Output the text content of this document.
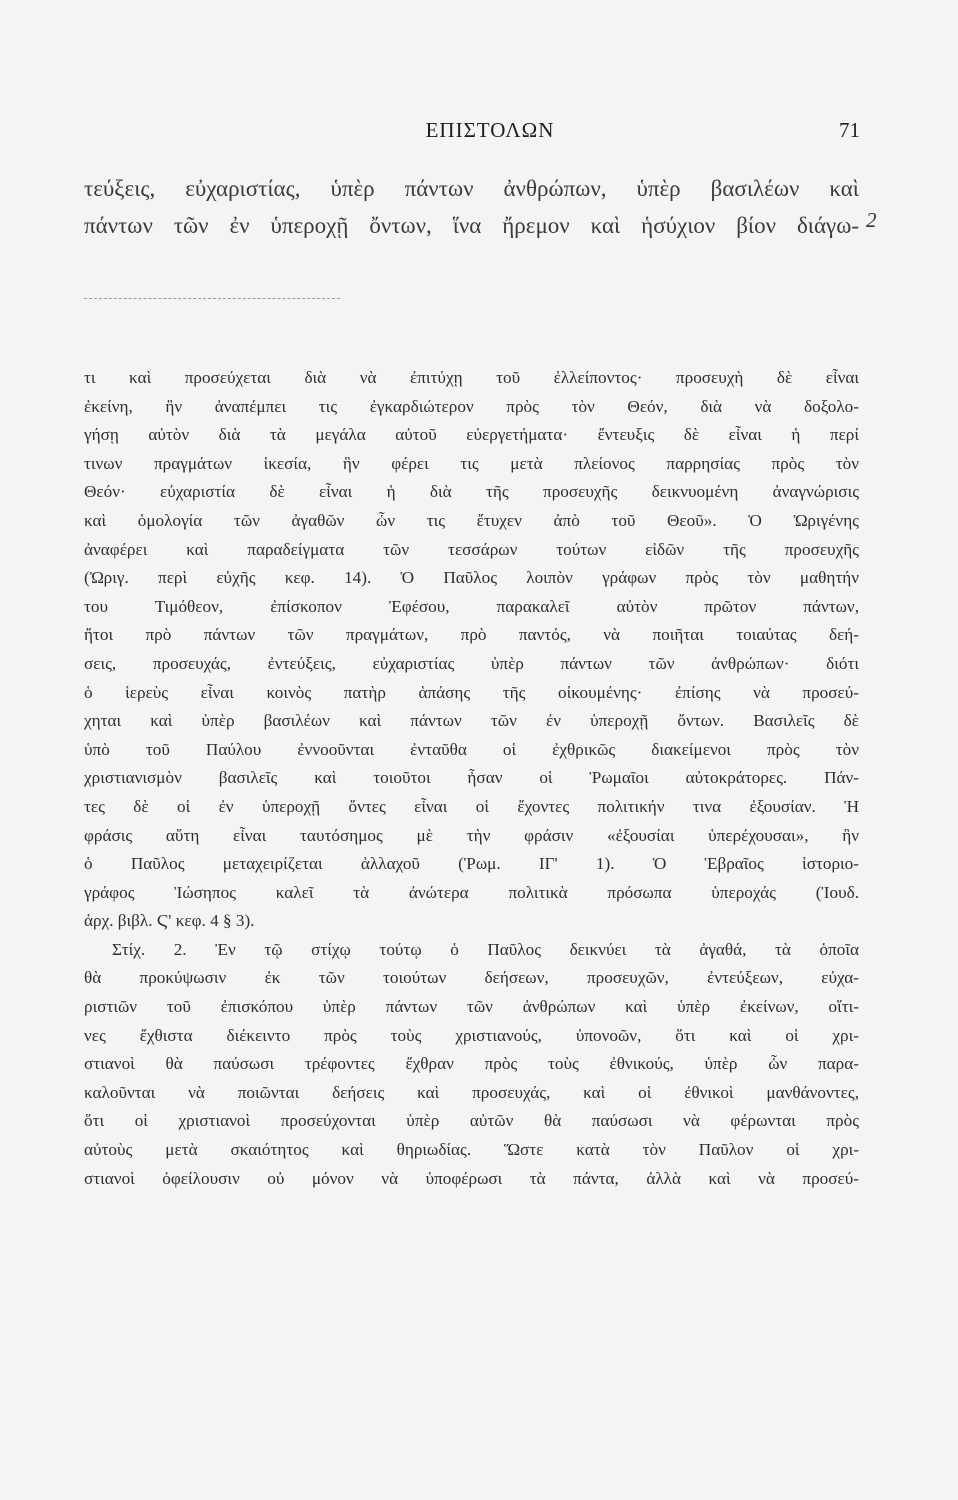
ΕΠΙΣΤΟΛΩΝ	71
τεύξεις, εὐχαριστίας, ὑπὲρ πάντων ἀνθρώπων, ὑπὲρ βασιλέων καὶ
πάντων τῶν ἐν ὑπεροχῇ ὄντων, ἵνα ἤρεμον καὶ ἡσύχιον βίον διάγω- 2
τι καὶ προσεύχεται διὰ νὰ ἐπιτύχῃ τοῦ ἐλλείποντος· προσευχὴ δὲ εἶναι
ἐκείνη, ἣν ἀναπέμπει τις ἐγκαρδιώτερον πρὸς τὸν Θεόν, διὰ νὰ δοξολο-
γήσῃ αὐτὸν διὰ τὰ μεγάλα αὐτοῦ εὐεργετήματα· ἔντευξις δὲ εἶναι ἡ περί
τινων πραγμάτων ἱκεσία, ἣν φέρει τις μετὰ πλείονος παρρησίας πρὸς τὸν
Θεόν· εὐχαριστία δὲ εἶναι ἡ διὰ τῆς προσευχῆς δεικνυομένη ἀναγνώρισις
καὶ ὁμολογία τῶν ἀγαθῶν ὧν τις ἔτυχεν ἀπὸ τοῦ Θεοῦ». Ὁ Ὠριγένης
ἀναφέρει καὶ παραδείγματα τῶν τεσσάρων τούτων εἰδῶν τῆς προσευχῆς
(Ὠριγ. περὶ εὐχῆς κεφ. 14). Ὁ Παῦλος λοιπὸν γράφων πρὸς τὸν μαθητήν
του Τιμόθεον, ἐπίσκοπον Ἐφέσου, παρακαλεῖ αὐτὸν πρῶτον πάντων,
ἤτοι πρὸ πάντων τῶν πραγμάτων, πρὸ παντός, νὰ ποιῆται τοιαύτας δεή-
σεις, προσευχάς, ἐντεύξεις, εὐχαριστίας ὑπὲρ πάντων τῶν ἀνθρώπων· διότι
ὁ ἱερεὺς εἶναι κοινὸς πατὴρ ἁπάσης τῆς οἰκουμένης· ἐπίσης νὰ προσεύ-
χηται καὶ ὑπὲρ βασιλέων καὶ πάντων τῶν ἐν ὑπεροχῇ ὄντων. Βασιλεῖς δὲ
ὑπὸ τοῦ Παύλου ἐννοοῦνται ἐνταῦθα οἱ ἐχθρικῶς διακείμενοι πρὸς τὸν
χριστιανισμὸν βασιλεῖς καὶ τοιοῦτοι ἦσαν οἱ Ῥωμαῖοι αὐτοκράτορες. Πάν-
τες δὲ οἱ ἐν ὑπεροχῇ ὄντες εἶναι οἱ ἔχοντες πολιτικήν τινα ἐξουσίαν. Ἡ
φράσις αὕτη εἶναι ταυτόσημος μὲ τὴν φράσιν «ἐξουσίαι ὑπερέχουσαι», ἣν
ὁ Παῦλος μεταχειρίζεται ἀλλαχοῦ (Ῥωμ. ΙΓ' 1). Ὁ Ἑβραῖος ἱστοριο-
γράφος Ἰώσηπος καλεῖ τὰ ἀνώτερα πολιτικὰ πρόσωπα ὑπεροχάς (Ἰουδ.
ἀρχ. βιβλ. Ϛ' κεφ. 4 § 3).
Στίχ. 2. Ἐν τῷ στίχῳ τούτῳ ὁ Παῦλος δεικνύει τὰ ἀγαθά, τὰ ὁποῖα
θὰ προκύψωσιν ἐκ τῶν τοιούτων δεήσεων, προσευχῶν, ἐντεύξεων, εὐχα-
ριστιῶν τοῦ ἐπισκόπου ὑπὲρ πάντων τῶν ἀνθρώπων καὶ ὑπὲρ ἐκείνων, οἵτι-
νες ἔχθιστα διέκειντο πρὸς τοὺς χριστιανούς, ὑπονοῶν, ὅτι καὶ οἱ χρι-
στιανοὶ θὰ παύσωσι τρέφοντες ἔχθραν πρὸς τοὺς ἐθνικούς, ὑπὲρ ὧν παρα-
καλοῦνται νὰ ποιῶνται δεήσεις καὶ προσευχάς, καὶ οἱ ἐθνικοὶ μανθάνοντες,
ὅτι οἱ χριστιανοὶ προσεύχονται ὑπὲρ αὐτῶν θὰ παύσωσι νὰ φέρωνται πρὸς
αὐτοὺς μετὰ σκαιότητος καὶ θηριωδίας. Ὥστε κατὰ τὸν Παῦλον οἱ χρι-
στιανοὶ ὀφείλουσιν οὐ μόνον νὰ ὑποφέρωσι τὰ πάντα, ἀλλὰ καὶ νὰ προσεύ-
